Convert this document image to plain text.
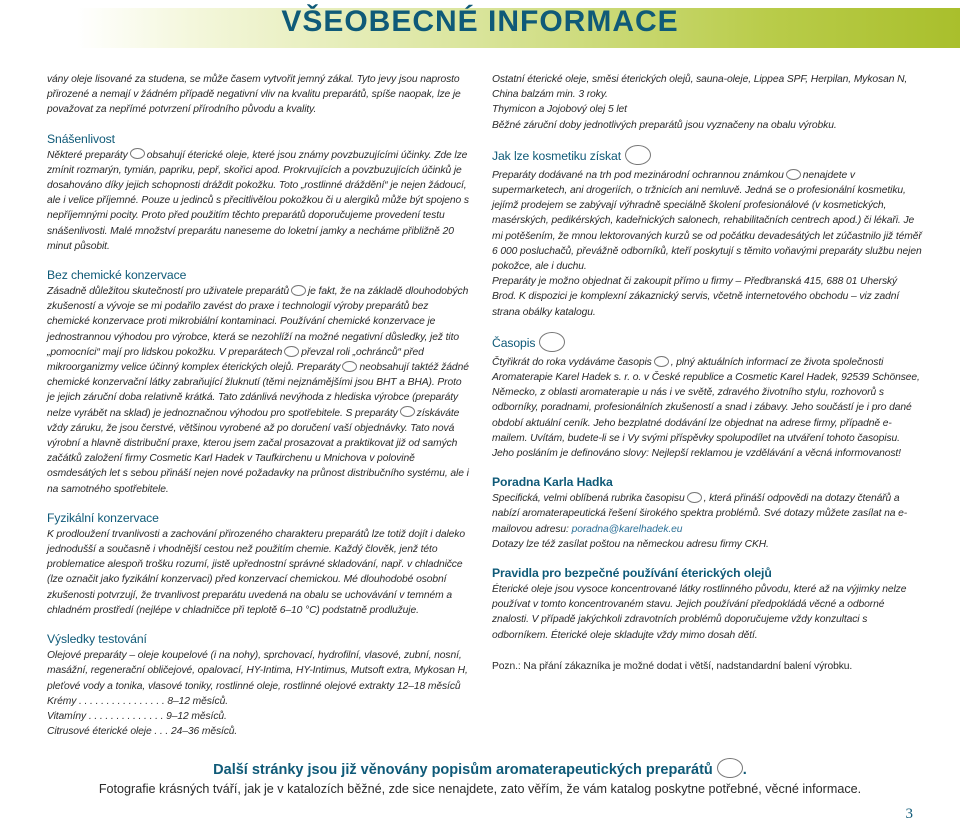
VŠEOBECNÉ INFORMACE

vány oleje lisované za studena, se může časem vytvořit jemný zákal. Tyto jevy jsou naprosto přirozené a nemají v žádném případě negativní vliv na kvalitu preparátů, spíše naopak, lze je považovat za nepřímé potvrzení přírodního původu a kvality.

Snášenlivost

Některé preparáty obsahují éterické oleje, které jsou známy povzbuzujícími účinky. Zde lze zmínit rozmarýn, tymián, papriku, pepř, skořici apod. Prokrvujících a povzbuzujících účinků je dosahováno díky jejich schopnosti dráždit pokožku. Toto „rostlinné dráždění“ je nejen žádoucí, ale i velice příjemné. Pouze u jedinců s přecitlivělou pokožkou či u alergiků může být spojeno s nepříjemnými pocity. Proto před použitím těchto preparátů doporučujeme provedení testu snášenlivosti. Malé množství preparátu naneseme do loketní jamky a necháme přibližně 20 minut působit.

Bez chemické konzervace

Zásadně důležitou skutečností pro uživatele preparátů je fakt, že na základě dlouhodobých zkušeností a vývoje se mi podařilo zavést do praxe i technologií výroby preparátů bez chemické konzervace proti mikrobiální kontaminaci. Používání chemické konzervace je jednostrannou výhodou pro výrobce, která se nezohlíží na možné negativní důsledky, jež tito „pomocníci“ mají pro lidskou pokožku. V preparátech převzal roli „ochránců“ před mikroorganizmy velice účinný komplex éterických olejů. Preparáty neobsahují taktéž žádné chemické konzervační látky zabraňující žluknutí (těmi nejznámějšími jsou BHT a BHA). Proto je jejich záruční doba relativně krátká. Tato zdánlivá nevýhoda z hlediska výrobce (preparáty nelze vyrábět na sklad) je jednoznačnou výhodou pro spotřebitele. S preparáty získáváte vždy záruku, že jsou čerstvé, většinou vyrobené až po doručení vaší objednávky. Tato nová výrobní a hlavně distribuční praxe, kterou jsem začal prosazovat a praktikovat již od samých začátků založení firmy Cosmetic Karl Hadek v Taufkirchenu u Mnichova v polovině osmdesátých let s sebou přináší nejen nové požadavky na průnost distribučního systému, ale i na samotného spotřebitele.

Fyzikální konzervace

K prodloužení trvanlivosti a zachování přirozeného charakteru preparátů lze totiž dojít i daleko jednodušší a současně i vhodnější cestou než použitím chemie. Každý člověk, jenž této problematice alespoň trošku rozumí, jistě upřednostní správné skladování, např. v chladničce (lze označit jako fyzikální konzervaci) před konzervací chemickou. Mé dlouhodobé osobní zkušenosti potvrzují, že trvanlivost preparátu uvedená na obalu se uchovávání v temném a chladném prostředí (nejlépe v chladničce při teplotě 6–10 °C) podstatně prodlužuje.

Výsledky testování

Olejové preparáty – oleje koupelové (i na nohy), sprchovací, hydrofilní, vlasové, zubní, nosní, masážní, regenerační obličejové, opalovací, HY-Intima, HY-Intimus, Mutsoft extra, Mykosan H, pleťové vody a tonika, vlasové toniky, rostlinné oleje, rostlinné olejové extrakty 12–18 měsíců

Krémy . . . . . . . . . . . . . . . . 8–12 měsíců.

Vitamíny . . . . . . . . . . . . . . 9–12 měsíců.

Citrusové éterické oleje . . . 24–36 měsíců.

Ostatní éterické oleje, směsi éterických olejů, sauna-oleje, Lippea SPF, Herpilan, Mykosan N, China balzám min. 3 roky.

Thymicon a Jojobový olej 5 let

Běžné záruční doby jednotlivých preparátů jsou vyznačeny na obalu výrobku.

Jak lze kosmetiku získat

Preparáty dodávané na trh pod mezinárodní ochrannou známkou nenajdete v supermarketech, ani drogeriích, o tržnicích ani nemluvě. Jedná se o profesionální kosmetiku, jejímž prodejem se zabývají výhradně speciálně školení profesionálové (v kosmetických, masérských, pedikérských, kadeřnických salonech, rehabilitačních centrech apod.) či lékaři. Je mi potěšením, že mnou lektorovaných kurzů se od počátku devadesátých let zúčastnilo již téměř 6 000 posluchačů, převážně odborníků, kteří poskytují s těmito voňavými preparáty službu nejen pokožce, ale i duchu.

Preparáty je možno objednat či zakoupit přímo u firmy – Předbranská 415, 688 01 Uherský Brod. K dispozici je komplexní zákaznický servis, včetně internetového obchodu – viz zadní strana obálky katalogu.

Časopis

Čtyřikrát do roka vydáváme časopis , plný aktuálních informací ze života společnosti Aromaterapie Karel Hadek s. r. o. v České republice a Cosmetic Karel Hadek, 92539 Schönsee, Německo, z oblasti aromaterapie u nás i ve světě, zdravého životního stylu, rozhovorů s odborníky, poradnami, profesionálních zkušeností a snad i zábavy. Jeho součástí je i pro dané období aktuální ceník. Jeho bezplatné dodávání lze objednat na adrese firmy, případně e-mailem. Uvítám, budete-li se i Vy svými příspěvky spolupodílet na utváření tohoto časopisu. Jeho posláním je definováno slovy: Nejlepší reklamou je vzdělávání a věcná informovanost!

Poradna Karla Hadka

Specifická, velmi oblíbená rubrika časopisu , která přináší odpovědi na dotazy čtenářů a nabízí aromaterapeutická řešení širokého spektra problémů. Své dotazy můžete zasílat na e-mailovou adresu: poradna@karelhadek.eu

Dotazy lze též zasílat poštou na německou adresu firmy CKH.

Pravidla pro bezpečné používání éterických olejů

Éterické oleje jsou vysoce koncentrované látky rostlinného původu, které až na výjimky nelze používat v tomto koncentrovaném stavu. Jejich používání předpokládá věcné a odborné znalosti. V případě jakýchkoli zdravotních problémů doporučujeme vždy konzultaci s odborníkem. Éterické oleje skladujte vždy mimo dosah dětí.

Pozn.: Na přání zákazníka je možné dodat i větší, nadstandardní balení výrobku.

Další stránky jsou již věnovány popisům aromaterapeutických preparátů .
Fotografie krásných tváří, jak je v katalozích běžné, zde sice nenajdete, zato věřím, že vám katalog poskytne potřebné, věcné informace.
3
